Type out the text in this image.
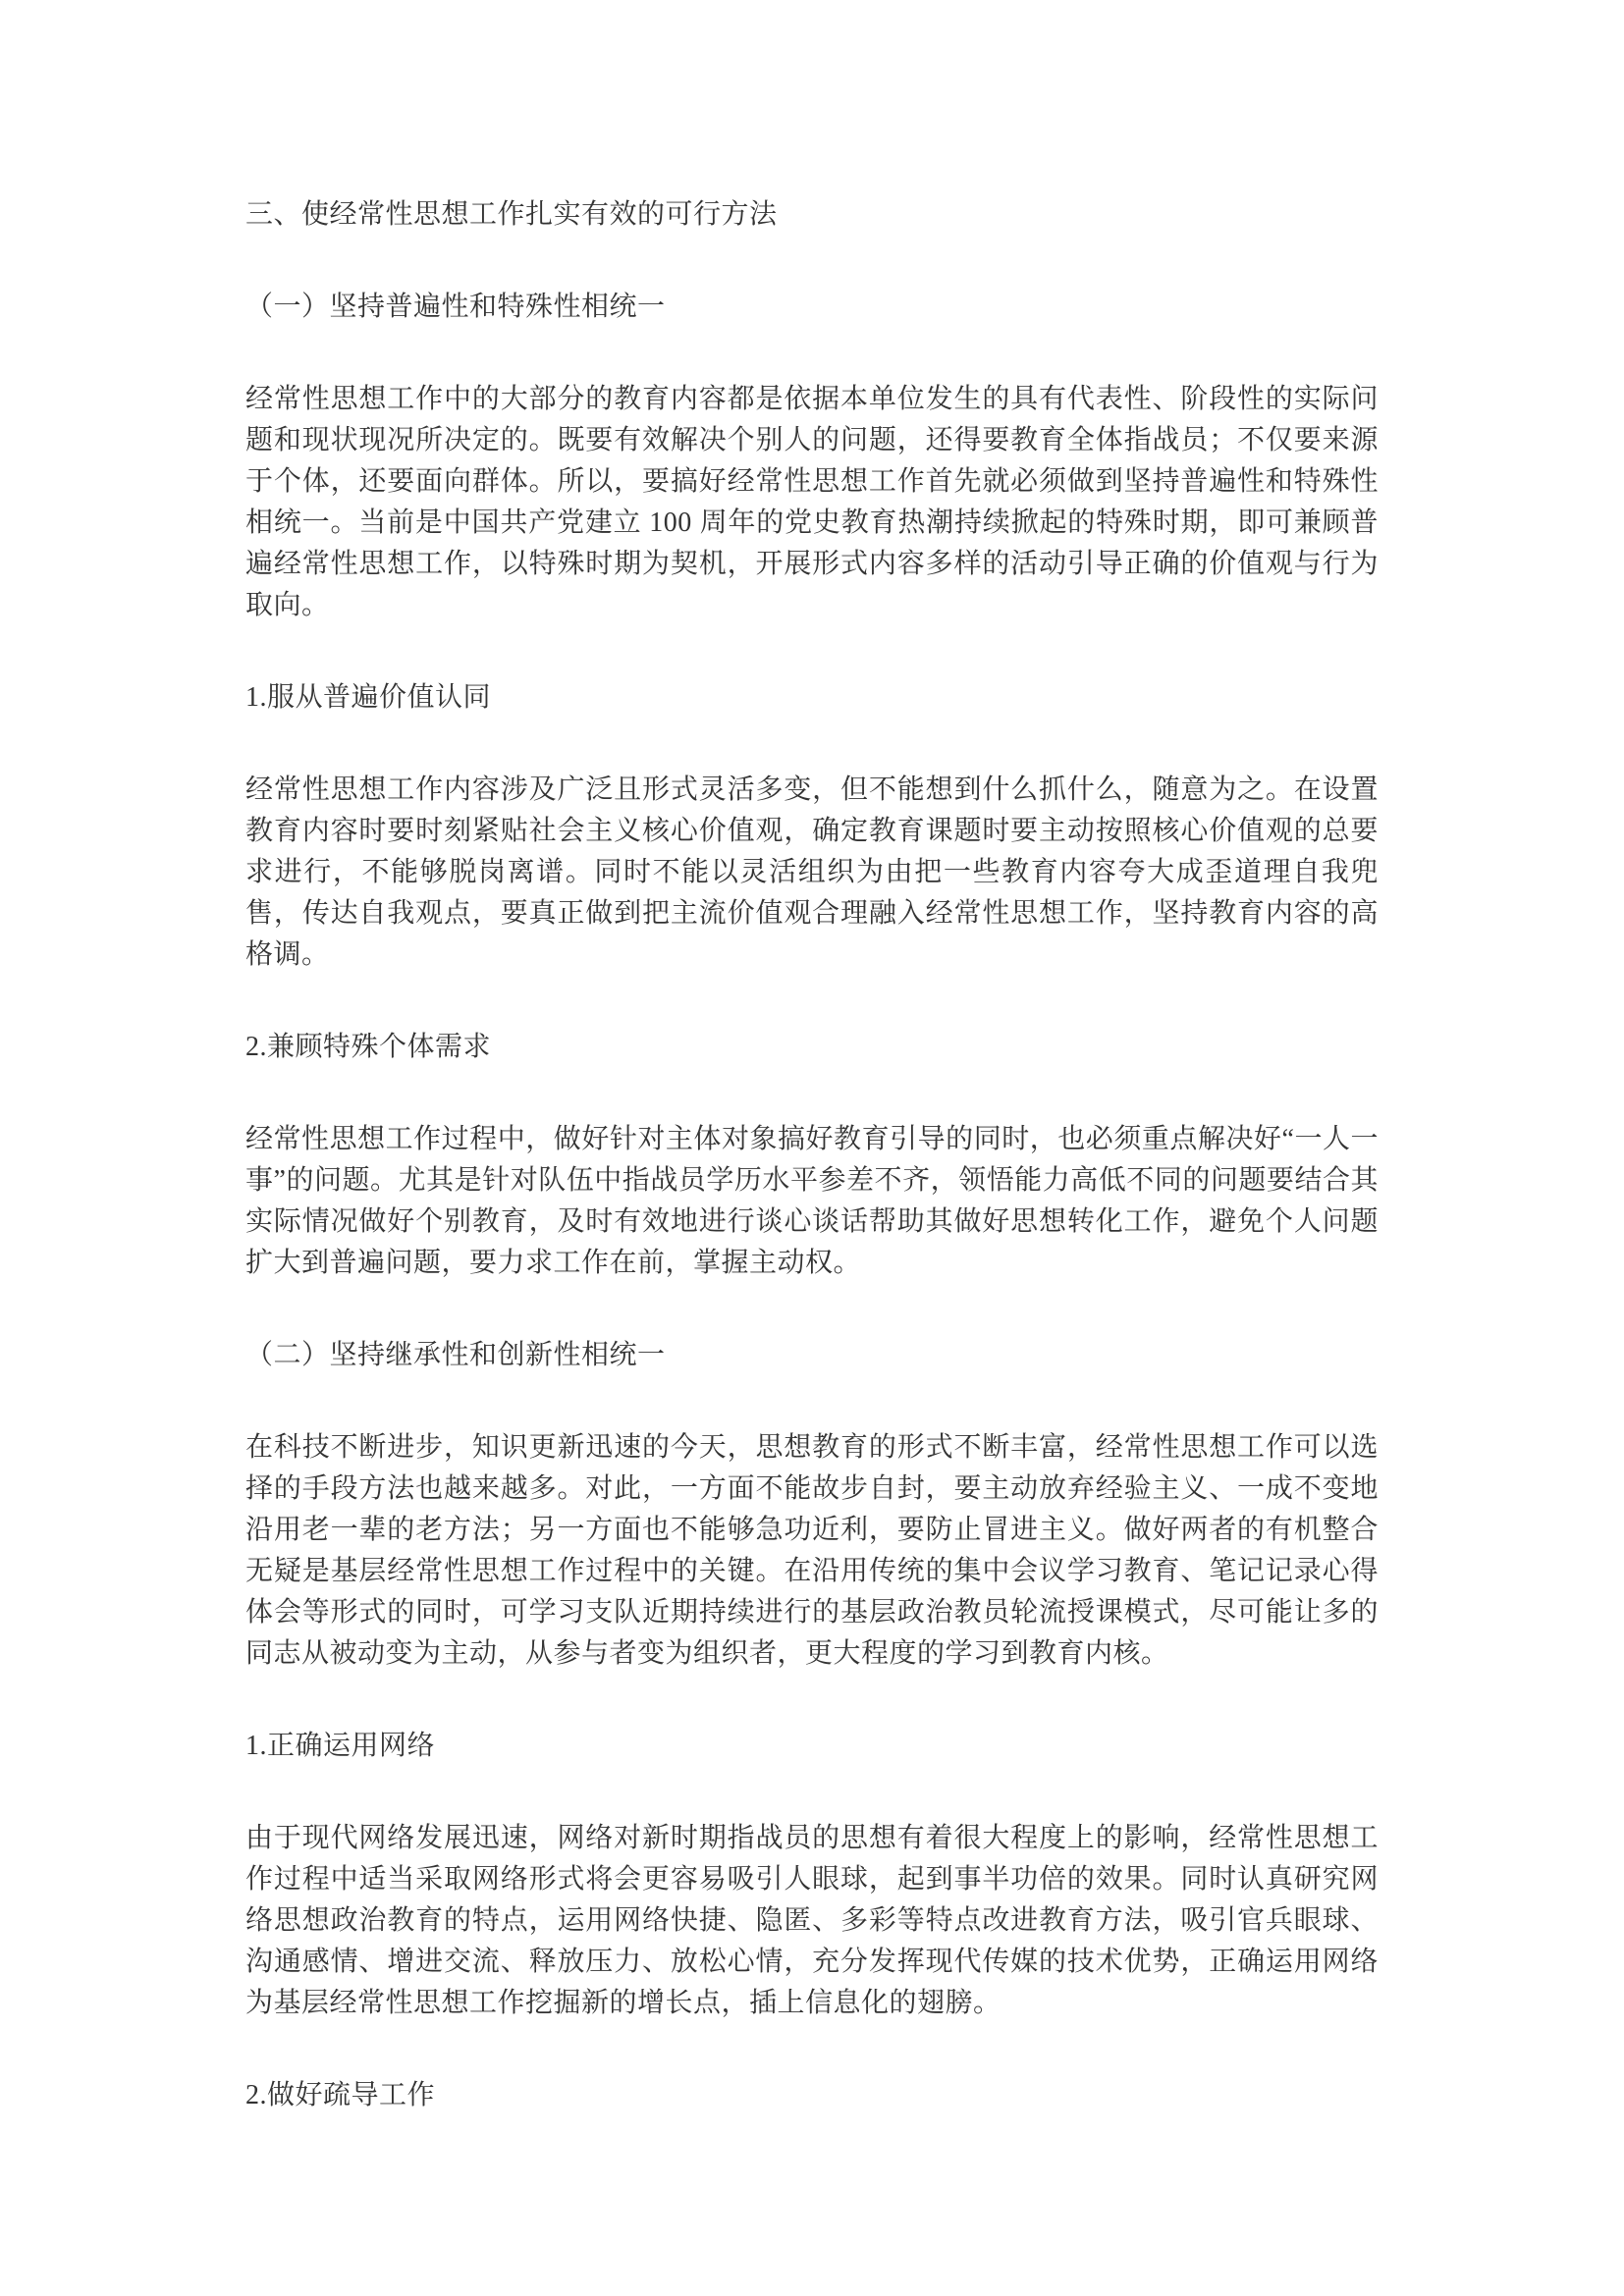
三、使经常性思想工作扎实有效的可行方法

（一）坚持普遍性和特殊性相统一

经常性思想工作中的大部分的教育内容都是依据本单位发生的具有代表性、阶段性的实际问题和现状现况所决定的。既要有效解决个别人的问题，还得要教育全体指战员；不仅要来源于个体，还要面向群体。所以，要搞好经常性思想工作首先就必须做到坚持普遍性和特殊性相统一。当前是中国共产党建立 100 周年的党史教育热潮持续掀起的特殊时期，即可兼顾普遍经常性思想工作，以特殊时期为契机，开展形式内容多样的活动引导正确的价值观与行为取向。

1.服从普遍价值认同

经常性思想工作内容涉及广泛且形式灵活多变，但不能想到什么抓什么，随意为之。在设置教育内容时要时刻紧贴社会主义核心价值观，确定教育课题时要主动按照核心价值观的总要求进行，不能够脱岗离谱。同时不能以灵活组织为由把一些教育内容夸大成歪道理自我兜售，传达自我观点，要真正做到把主流价值观合理融入经常性思想工作，坚持教育内容的高格调。

2.兼顾特殊个体需求

经常性思想工作过程中，做好针对主体对象搞好教育引导的同时，也必须重点解决好“一人一事”的问题。尤其是针对队伍中指战员学历水平参差不齐，领悟能力高低不同的问题要结合其实际情况做好个别教育，及时有效地进行谈心谈话帮助其做好思想转化工作，避免个人问题扩大到普遍问题，要力求工作在前，掌握主动权。

（二）坚持继承性和创新性相统一

在科技不断进步，知识更新迅速的今天，思想教育的形式不断丰富，经常性思想工作可以选择的手段方法也越来越多。对此，一方面不能故步自封，要主动放弃经验主义、一成不变地沿用老一辈的老方法；另一方面也不能够急功近利，要防止冒进主义。做好两者的有机整合无疑是基层经常性思想工作过程中的关键。在沿用传统的集中会议学习教育、笔记记录心得体会等形式的同时，可学习支队近期持续进行的基层政治教员轮流授课模式，尽可能让多的同志从被动变为主动，从参与者变为组织者，更大程度的学习到教育内核。

1.正确运用网络

由于现代网络发展迅速，网络对新时期指战员的思想有着很大程度上的影响，经常性思想工作过程中适当采取网络形式将会更容易吸引人眼球，起到事半功倍的效果。同时认真研究网络思想政治教育的特点，运用网络快捷、隐匿、多彩等特点改进教育方法，吸引官兵眼球、沟通感情、增进交流、释放压力、放松心情，充分发挥现代传媒的技术优势，正确运用网络为基层经常性思想工作挖掘新的增长点，插上信息化的翅膀。

2.做好疏导工作
